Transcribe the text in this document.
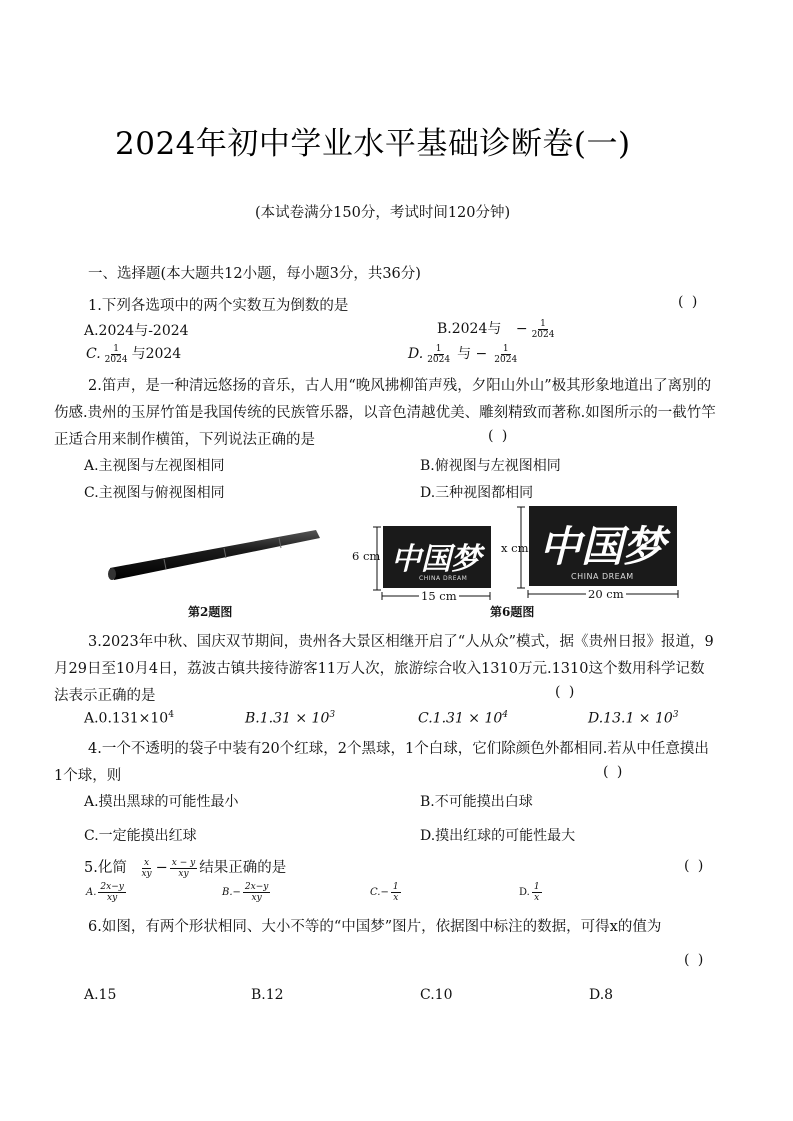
2024年初中学业水平基础诊断卷(一)
(本试卷满分150分，考试时间120分钟)
一、选择题(本大题共12小题，每小题3分，共36分)
1.下列各选项中的两个实数互为倒数的是	( )
A.2024与-2024	B.2024与 − $\frac{1}{2024}$
C. $\frac{1}{2024}$ 与2024	D. $\frac{1}{2024}$ 与 − $\frac{1}{2024}$
2.笛声，是一种清远悠扬的音乐，古人用“晚风拂柳笛声残，夕阳山外山”极其形象地道出了离别的
伤感.贵州的玉屏竹笛是我国传统的民族管乐器，以音色清越优美、雕刻精致而著称.如图所示的一截竹竿
正适合用来制作横笛，下列说法正确的是	( )
A.主视图与左视图相同	B.俯视图与左视图相同
C.主视图与俯视图相同	D.三种视图都相同
第2题图
6 cm 中国梦
CHINA DREAM
15 cm
x cm 中国梦
CHINA DREAM
20 cm
第6题图
3.2023年中秋、国庆双节期间，贵州各大景区相继开启了“人从众”模式，据《贵州日报》报道，9
月29日至10月4日，荔波古镇共接待游客11万人次，旅游综合收入1310万元.1310这个数用科学记数
法表示正确的是	( )
$A.0.131\times 10^4$	$B.1.31 \times 10^3$	$C.1.31 \times 10^4$	$D.13.1 \times 10^3$
4.一个不透明的袋子中装有20个红球，2个黑球，1个白球，它们除颜色外都相同.若从中任意摸出
1个球，则	( )
A.摸出黑球的可能性最小	B.不可能摸出白球
C.一定能摸出红球	D.摸出红球的可能性最大
5.化简 $\frac{x}{xy} - \frac{x - y}{xy}$ 结果正确的是	( )
A. $\frac{2x-y}{xy}$	$B.- \frac{2x-y}{xy}$	$C.- \frac{1}{x}$	D. $\frac{1}{x}$
6.如图，有两个形状相同、大小不等的“中国梦”图片，依据图中标注的数据，可得x的值为
( )
A.15	B.12	C.10	D.8
